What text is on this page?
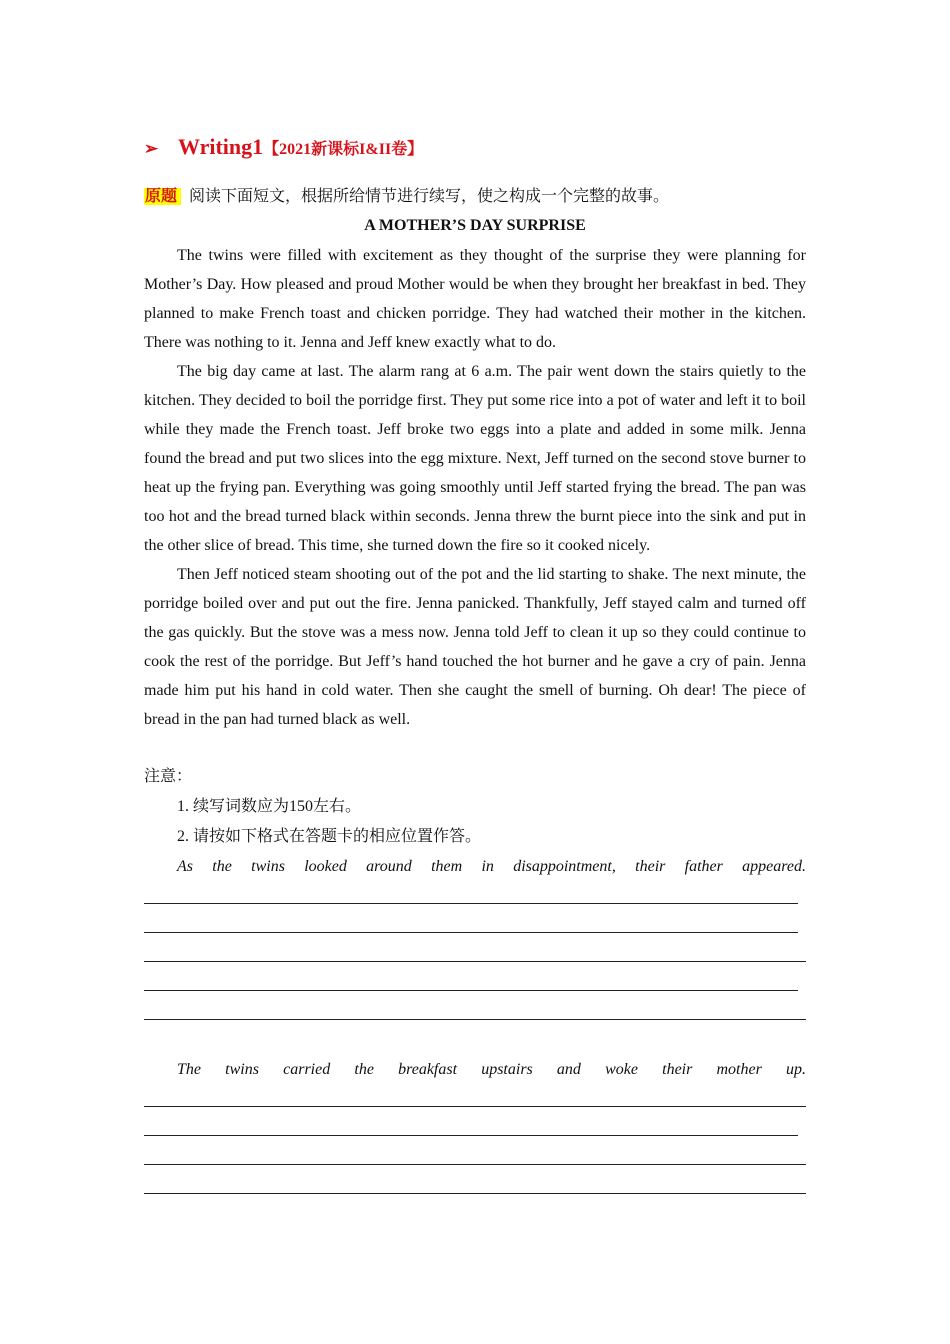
➢ Writing1【2021新课标I&II卷】
原题 阅读下面短文，根据所给情节进行续写，使之构成一个完整的故事。
A MOTHER’S DAY SURPRISE

The twins were filled with excitement as they thought of the surprise they were planning for Mother’s Day. How pleased and proud Mother would be when they brought her breakfast in bed. They planned to make French toast and chicken porridge. They had watched their mother in the kitchen. There was nothing to it. Jenna and Jeff knew exactly what to do.

The big day came at last. The alarm rang at 6 a.m. The pair went down the stairs quietly to the kitchen. They decided to boil the porridge first. They put some rice into a pot of water and left it to boil while they made the French toast. Jeff broke two eggs into a plate and added in some milk. Jenna found the bread and put two slices into the egg mixture. Next, Jeff turned on the second stove burner to heat up the frying pan. Everything was going smoothly until Jeff started frying the bread. The pan was too hot and the bread turned black within seconds. Jenna threw the burnt piece into the sink and put in the other slice of bread. This time, she turned down the fire so it cooked nicely.

Then Jeff noticed steam shooting out of the pot and the lid starting to shake. The next minute, the porridge boiled over and put out the fire. Jenna panicked. Thankfully, Jeff stayed calm and turned off the gas quickly. But the stove was a mess now. Jenna told Jeff to clean it up so they could continue to cook the rest of the porridge. But Jeff’s hand touched the hot burner and he gave a cry of pain. Jenna made him put his hand in cold water. Then she caught the smell of burning. Oh dear! The piece of bread in the pan had turned black as well.

注意：
1. 续写词数应为150左右。
2. 请按如下格式在答题卡的相应位置作答。
As the twins looked around them in disappointment, their father appeared.
The twins carried the breakfast upstairs and woke their mother up.
